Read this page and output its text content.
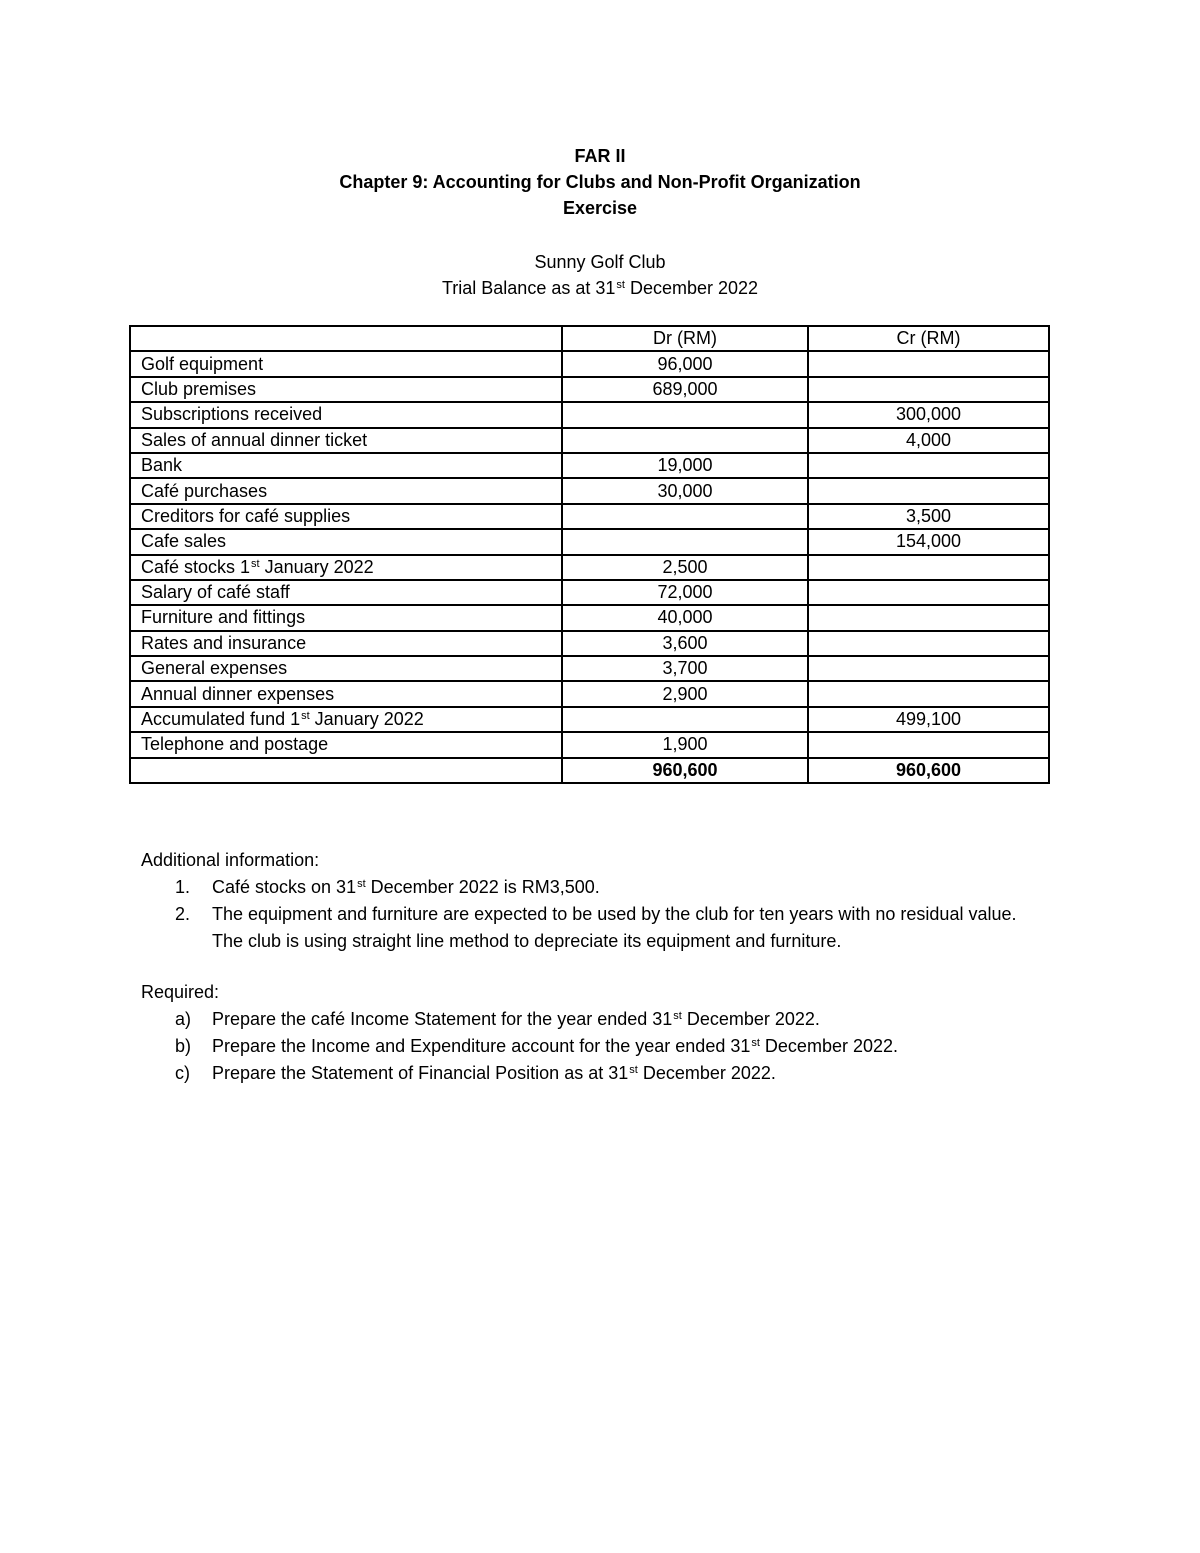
FAR II
Chapter 9: Accounting for Clubs and Non-Profit Organization
Exercise
Sunny Golf Club
Trial Balance as at 31st December 2022
	Dr (RM)	Cr (RM)
Golf equipment	96,000	
Club premises	689,000	
Subscriptions received		300,000
Sales of annual dinner ticket		4,000
Bank	19,000	
Café purchases	30,000	
Creditors for café supplies		3,500
Cafe sales		154,000
Café stocks 1st January 2022	2,500	
Salary of café staff	72,000	
Furniture and fittings	40,000	
Rates and insurance	3,600	
General expenses	3,700	
Annual dinner expenses	2,900	
Accumulated fund 1st January 2022		499,100
Telephone and postage	1,900	
	960,600	960,600
Additional information:
1. Café stocks on 31st December 2022 is RM3,500.
2. The equipment and furniture are expected to be used by the club for ten years with no residual value. The club is using straight line method to depreciate its equipment and furniture.
Required:
a) Prepare the café Income Statement for the year ended 31st December 2022.
b) Prepare the Income and Expenditure account for the year ended 31st December 2022.
c) Prepare the Statement of Financial Position as at 31st December 2022.
